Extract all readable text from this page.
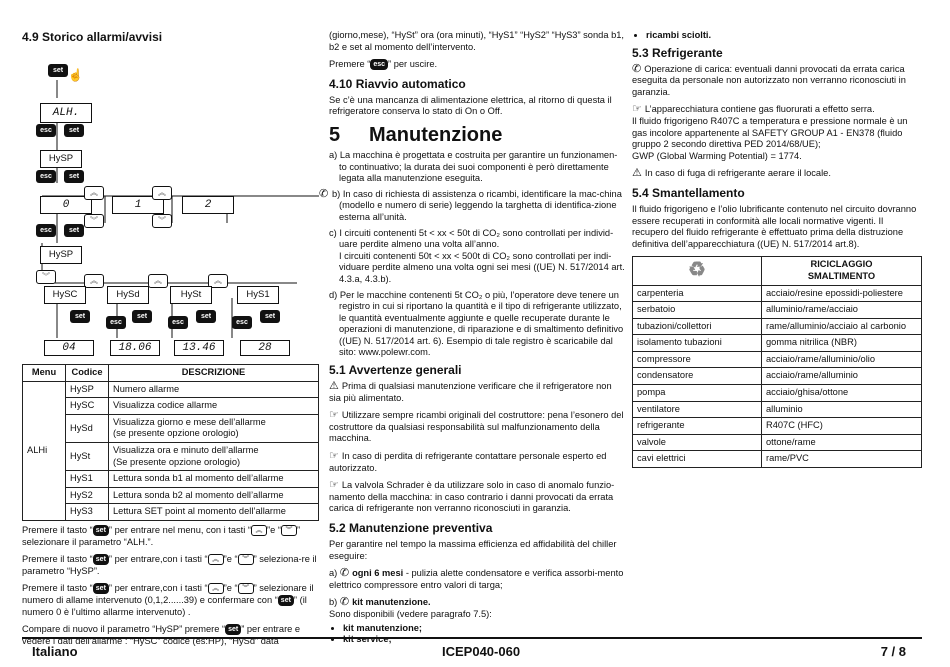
4.9 Storico allarmi/avvisi
set ☝
ALH.
esc	set
HySP
esc	set
0
︽
1
︽
2
︾	︾
esc	set
HySP
︾	︽	︽	︽
HySC	HySd	HySt	HyS1
set
esc
set
esc
set
esc
set
04	18.06	13.46	28
Menu	Codice	DESCRIZIONE
ALHi	HySP	Numero allarme
	HySC	Visualizza codice allarme
	HySd	Visualizza giorno e mese dell’allarme
(se presente opzione orologio)
	HySt	Visualizza ora e minuto dell’allarme
(Se presente opzione orologio)
	HyS1	Lettura sonda b1 al momento dell’allarme
	HyS2	Lettura sonda b2 al momento dell’allarme
	HyS3	Lettura SET point al momento dell’allarme

Premere il tasto “ set ” per entrare nel menu, con i tasti “ ︽ ”e “ ︾ ” selezionare il parametro “ALH.”.

Premere il tasto “ set ” per entrare,con i tasti “ ︽ ”e “ ︾ ” seleziona-re il parametro “HySP”.

Premere il tasto “ set ” per entrare,con i tasti “ ︽ ”e “ ︾ ” selezionare il numero di allame intervenuto (0,1,2......39) e confermare con “ set ” (il numero 0 è l’ultimo allarme intervenuto) .

Compare di nuovo il parametro “HySP” premere “ set ” per entrare e vedere i dati dell’allarme : “HySC” codice (es:HP), “HySd” data

(giorno,mese), “HySt” ora (ora minuti), “HyS1” “HyS2” “HyS3” sonda b1, b2 e set al momento dell’intervento.

Premere “ esc ” per uscire.

4.10 Riavvio automatico

Se c’è una mancanza di alimentazione elettrica, al ritorno di questa il refrigeratore conserva lo stato di On o Off.

5 Manutenzione
a) La macchina è progettata e costruita per garantire un funzionamen-to continuativo; la durata dei suoi componenti è però direttamente legata alla manutenzione eseguita.
✆ b) In caso di richiesta di assistenza o ricambi, identificare la mac-china (modello e numero di serie) leggendo la targhetta di identifica-zione esterna all’unità.
c) I circuiti contenenti 5t < xx < 50t di CO₂ sono controllati per individ-uare perdite almeno una volta all’anno.
I circuiti contenenti 50t < xx < 500t di CO₂ sono controllati per indi-viduare perdite almeno una volta ogni sei mesi ((UE) N. 517/2014 art. 4.3.a, 4.3.b).
d) Per le macchine contenenti 5t CO₂ o più, l’operatore deve tenere un registro in cui si riportano la quantità e il tipo di refrigerante utilizzato, le quantità eventualmente aggiunte e quelle recuperate durante le operazioni di manutenzione, di riparazione e di smaltimento definitivo ((UE) N. 517/2014 art. 6). Esempio di tale registro è scaricabile dal sito: www.polewr.com.
5.1 Avvertenze generali

⚠ Prima di qualsiasi manutenzione verificare che il refrigeratore non sia più alimentato.

☞ Utilizzare sempre ricambi originali del costruttore: pena l’esonero del costruttore da qualsiasi responsabilità sul malfunzionamento della macchina.

☞ In caso di perdita di refrigerante contattare personale esperto ed autorizzato.

☞ La valvola Schrader è da utilizzare solo in caso di anomalo funzio-namento della macchina: in caso contrario i danni provocati da errata carica di refrigerante non verranno riconosciuti in garanzia.

5.2 Manutenzione preventiva

Per garantire nel tempo la massima efficienza ed affidabilità del chiller eseguire:

a) ✆ ogni 6 mesi - pulizia alette condensatore e verifica assorbi-mento elettrico compressore entro valori di targa;

b) ✆ kit manutenzione.

Sono disponibili (vedere paragrafo 7.5):

• kit manutenzione;
• kit service;
• ricambi sciolti.
5.3 Refrigerante

✆ Operazione di carica: eventuali danni provocati da errata carica eseguita da personale non autorizzato non verranno riconosciuti in garanzia.

☞ L’apparecchiatura contiene gas fluorurati a effetto serra.

Il fluido frigorigeno R407C a temperatura e pressione normale è un gas incolore appartenente al SAFETY GROUP A1 - EN378 (fluido gruppo 2 secondo direttiva PED 2014/68/UE);

GWP (Global Warming Potential) = 1774.

⚠ In caso di fuga di refrigerante aerare il locale.

5.4 Smantellamento

Il fluido frigorigeno e l’olio lubrificante contenuto nel circuito dovranno essere recuperati in conformità alle locali normative vigenti. Il recupero del fluido refrigerante è effettuato prima della distruzione definitiva dell’apparecchiatura ((UE) N. 517/2014 art.8).

♻	RICICLAGGIO
SMALTIMENTO
carpenteria	acciaio/resine epossidi-poliestere
serbatoio	alluminio/rame/acciaio
tubazioni/collettori	rame/alluminio/acciaio al carbonio
isolamento tubazioni	gomma nitrilica (NBR)
compressore	acciaio/rame/alluminio/olio
condensatore	acciaio/rame/alluminio
pompa	acciaio/ghisa/ottone
ventilatore	alluminio
refrigerante	R407C (HFC)
valvole	ottone/rame
cavi elettrici	rame/PVC
Italiano	ICEP040-060	7 / 8
